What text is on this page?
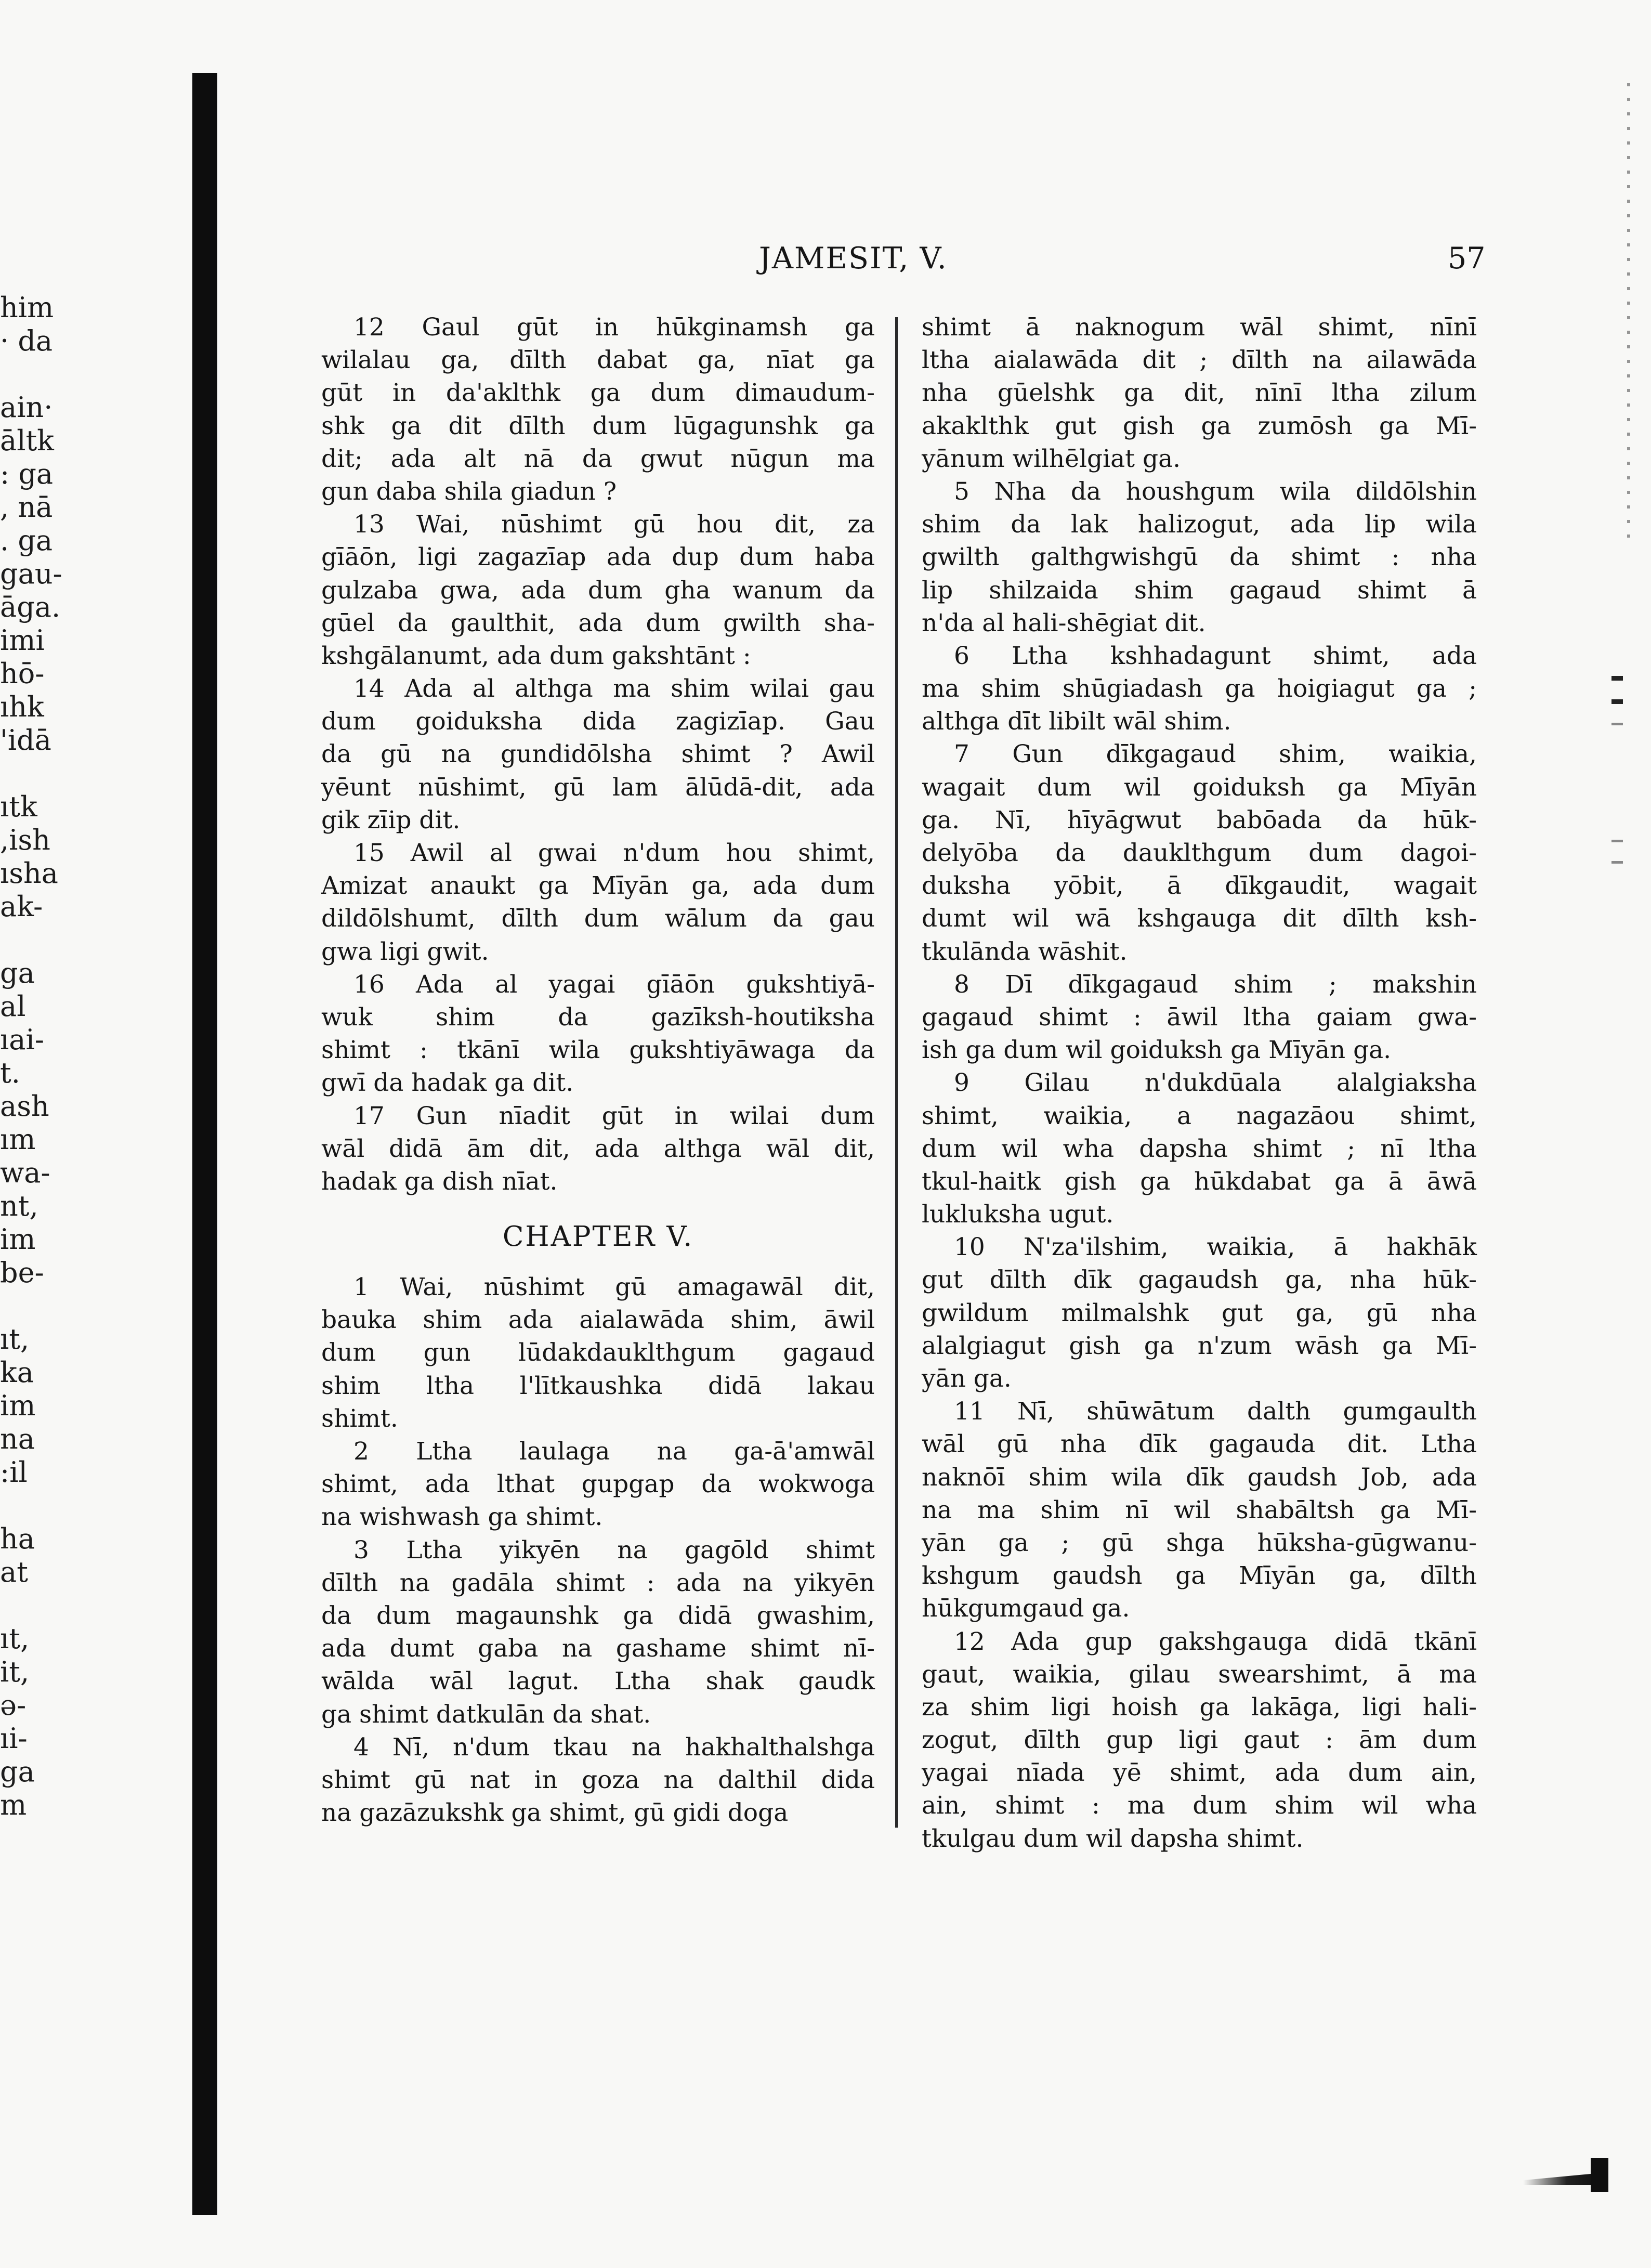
him
· da
ain·
āltk
: ga
, nā
. ga
gau-
āga.
imi
hō-
ıhk
'idā
ıtk
,ish
ısha
ak-
ga
al
ıai-
t.
ash
ım
wa-
nt,
im
be-
ıt,
ka
im
na
:il
ha
at
ıt,
it,
ə-
ıi-
ga
m
JAMESIT, V.	57
12 Gaul gūt in hūkginamsh ga
wilalau ga, dīlth dabat ga, nīat ga
gūt in da'aklthk ga dum dimaudum-
shk ga dit dīlth dum lūgagunshk ga
dit; ada alt nā da gwut nūgun ma
gun daba shila giadun ?
13 Wai, nūshimt gū hou dit, za
gīāōn, ligi zagazīap ada dup dum haba
gulzaba gwa, ada dum gha wanum da
gūel da gaulthit, ada dum gwilth sha-
kshgālanumt, ada dum gakshtānt :
14 Ada al althga ma shim wilai gau
dum goiduksha dida zagizīap. Gau
da gū na gundidōlsha shimt ? Awil
yēunt nūshimt, gū lam ālūdā-dit, ada
gik zīip dit.
15 Awil al gwai n'dum hou shimt,
Amizat anaukt ga Mīyān ga, ada dum
dildōlshumt, dīlth dum wālum da gau
gwa ligi gwit.
16 Ada al yagai gīāōn gukshtiyā-
wuk shim da gazīksh-houtiksha
shimt : tkānī wila gukshtiyāwaga da
gwī da hadak ga dit.
17 Gun nīadit gūt in wilai dum
wāl didā ām dit, ada althga wāl dit,
hadak ga dish nīat.
CHAPTER V.
1 Wai, nūshimt gū amagawāl dit,
bauka shim ada aialawāda shim, āwil
dum gun lūdakdauklthgum gagaud
shim ltha l'lītkaushka didā lakau
shimt.
2 Ltha laulaga na ga-ā'amwāl
shimt, ada lthat gupgap da wokwoga
na wishwash ga shimt.
3 Ltha yikyēn na gagōld shimt
dīlth na gadāla shimt : ada na yikyēn
da dum magaunshk ga didā gwashim,
ada dumt gaba na gashame shimt nī-
wālda wāl lagut. Ltha shak gaudk
ga shimt datkulān da shat.
4 Nī, n'dum tkau na hakhalthalshga
shimt gū nat in goza na dalthil dida
na gazāzukshk ga shimt, gū gidi doga
shimt ā naknogum wāl shimt, nīnī
ltha aialawāda dit ; dīlth na ailawāda
nha gūelshk ga dit, nīnī ltha zilum
akaklthk gut gish ga zumōsh ga Mī-
yānum wilhēlgiat ga.
5 Nha da houshgum wila dildōlshin
shim da lak halizogut, ada lip wila
gwilth galthgwishgū da shimt : nha
lip shilzaida shim gagaud shimt ā
n'da al hali-shēgiat dit.
6 Ltha kshhadagunt shimt, ada
ma shim shūgiadash ga hoigiagut ga ;
althga dīt libilt wāl shim.
7 Gun dīkgagaud shim, waikia,
wagait dum wil goiduksh ga Mīyān
ga. Nī, hīyāgwut babōada da hūk-
delyōba da dauklthgum dum dagoi-
duksha yōbit, ā dīkgaudit, wagait
dumt wil wā kshgauga dit dīlth ksh-
tkulānda wāshit.
8 Dī dīkgagaud shim ; makshin
gagaud shimt : āwil ltha gaiam gwa-
ish ga dum wil goiduksh ga Mīyān ga.
9 Gilau n'dukdūala alalgiaksha
shimt, waikia, a nagazāou shimt,
dum wil wha dapsha shimt ; nī ltha
tkul-haitk gish ga hūkdabat ga ā āwā
lukluksha ugut.
10 N'za'ilshim, waikia, ā hakhāk
gut dīlth dīk gagaudsh ga, nha hūk-
gwildum milmalshk gut ga, gū nha
alalgiagut gish ga n'zum wāsh ga Mī-
yān ga.
11 Nī, shūwātum dalth gumgaulth
wāl gū nha dīk gagauda dit. Ltha
naknōī shim wila dīk gaudsh Job, ada
na ma shim nī wil shabāltsh ga Mī-
yān ga ; gū shga hūksha-gūgwanu-
kshgum gaudsh ga Mīyān ga, dīlth
hūkgumgaud ga.
12 Ada gup gakshgauga didā tkānī
gaut, waikia, gilau swearshimt, ā ma
za shim ligi hoish ga lakāga, ligi hali-
zogut, dīlth gup ligi gaut : ām dum
yagai nīada yē shimt, ada dum ain,
ain, shimt : ma dum shim wil wha
tkulgau dum wil dapsha shimt.
